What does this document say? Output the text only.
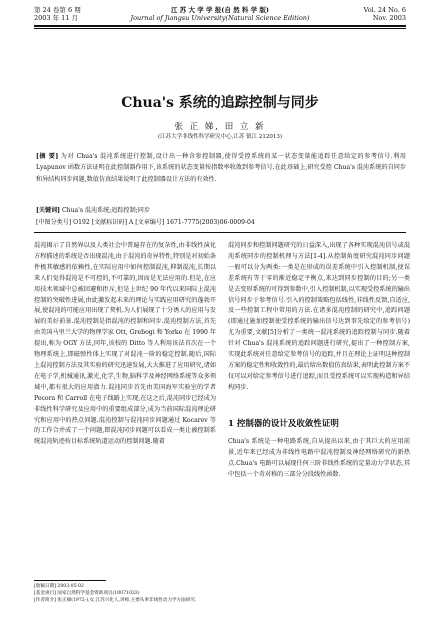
第 24 卷第 6 期
2003 年 11 月
江 苏 大 学 学 报(自 然 科 学 版)
Journal of Jiangsu University(Natural Science Edition)
Vol. 24 No. 6
Nov. 2003
Chua's 系统的追踪控制与同步
张 正 娣, 田 立 新
(江苏大学非线性科学研究中心,江苏 镇江 212013)
[摘 要] 为对 Chua's 混沌系统进行控制,设计出一种含参控制器,使得受控系统的某一状态变量能追踪任意给定的参考信号.利用 Lyapunov 函数方法证明在此控制器作用下,该系统的状态变量按指数率收敛到参考信号.在此基础上,研究受控 Chua's 混沌系统的自同步和异结构同步问题,数值仿真结果说明了此控制器设计方法的有效性.
[关键词] Chua's 混沌系统;追踪控制;同步
[中图分类号] O192 [文献标识码] A [文章编号] 1671-7775(2003)06-0009-04
混沌揭示了自然界以及人类社会中普遍存在的复杂性,由非线性演化方程描述的系统是否出现混沌,由于混沌的奇异特性,特别是对初始条件极其敏感的依赖性,在实际应用中如何控制混沌,抑制混沌,长期以来人们觉得混沌是不可控的,不可靠的,因而是无法应用的.但是,在应用技术领域中总被回避和拒斥,但是上世纪 90 年代以来国际上混沌控制的突破性进展,由此激发起未来的理论与实践应用研究的蓬勃开展,使混沌的可能应用出现了契机.为人们展现了十分诱人的应用与发展的美好前景.混沌控制是指混沌的控制和同步.混沌控制方法,首先由美国马里兰大学的物理学家 Ott, Grebogi 和 Yorke 在 1990 年提出,称为 OGY 方法,同年,该校的 Ditto 等人利用该法首次在一个物理系统上,即磁弹性体上实现了对混沌一阶的稳定控制.随后,国际上混沌控制方法及其实验的研究迅速发展,大大推进了应用研究,诸如在电子学,机械通讯,激光,化学,生物,脑科学及神经网络系统等众多领域中,都有很大的应用潜力.混沌同步首先由美国海军实验室的学者 Pecora 和 Carroll 在电子线路上实现,在这之后,混沌同步已经成为非线性科学研究及应用中的重要组成部分,成为当前国际混沌理论研究和应用中的热点问题.混沌控制与混沌同步问题通过 Kocarev 等的工作合并成了一个问题,即混沌同步问题可以看成一类让被控制系统混沌轨迹按目标系统轨道运动的控制问题.随着
混沌同步和控制问题研究的日益深入,出现了各种实现混沌信号或混沌系统同步的控制机理与方法[1-4].从控制角度研究混沌同步问题一般可以分为两类:一类是在形成的误差系统中引入控制机制,使误差系统有等于零的渐近稳定平衡点,来达到同步控制的目的;另一类是去变形系统的可得到参数中,引入控制机制,以实现受控系统的输出信号同步于参考信号.引入的控制策略包括线性,非线性反馈,自适应,及一些控制工程中常用的方法.在诸多混沌控制的研究中,追踪问题(即通过施加控制使受控系统的输出信号达到事先给定的参考信号)尤为重要,文献[5]分析了一类统一混沌系统的追踪控制与同步.随着针对 Chua's 混沌系统的追踪问题进行研究,提出了一种控制方案,实现此系统对任意给定参考信号的追踪,并且在理论上证明这种控制方案的稳定性和收敛性的,最后给出数值仿真结果,表明此控制方案不仅可以对给定参考信号进行追踪,而且受控系统可以实现构造和异结构同步.
1 控制器的设计及收敛性证明
Chua's 系统是一种电路系统,自从提出以来,由于其巨大的应用前景,近年来已经成为非线性电路中混沌控制及神经网络研究的新热点.Chua's 电路可以展现任何三阶非线性系统的定量动力学状态,其中包括一个奇对称的三部分分段线性函数.
[收稿日期] 2003-05-02
[基金项目] 国家自然科学基金资助项目(10071033)
[作者简介] 张正娣(1972-),女,江苏兴化人,讲师,主要从事非线性动力学方面研究.
